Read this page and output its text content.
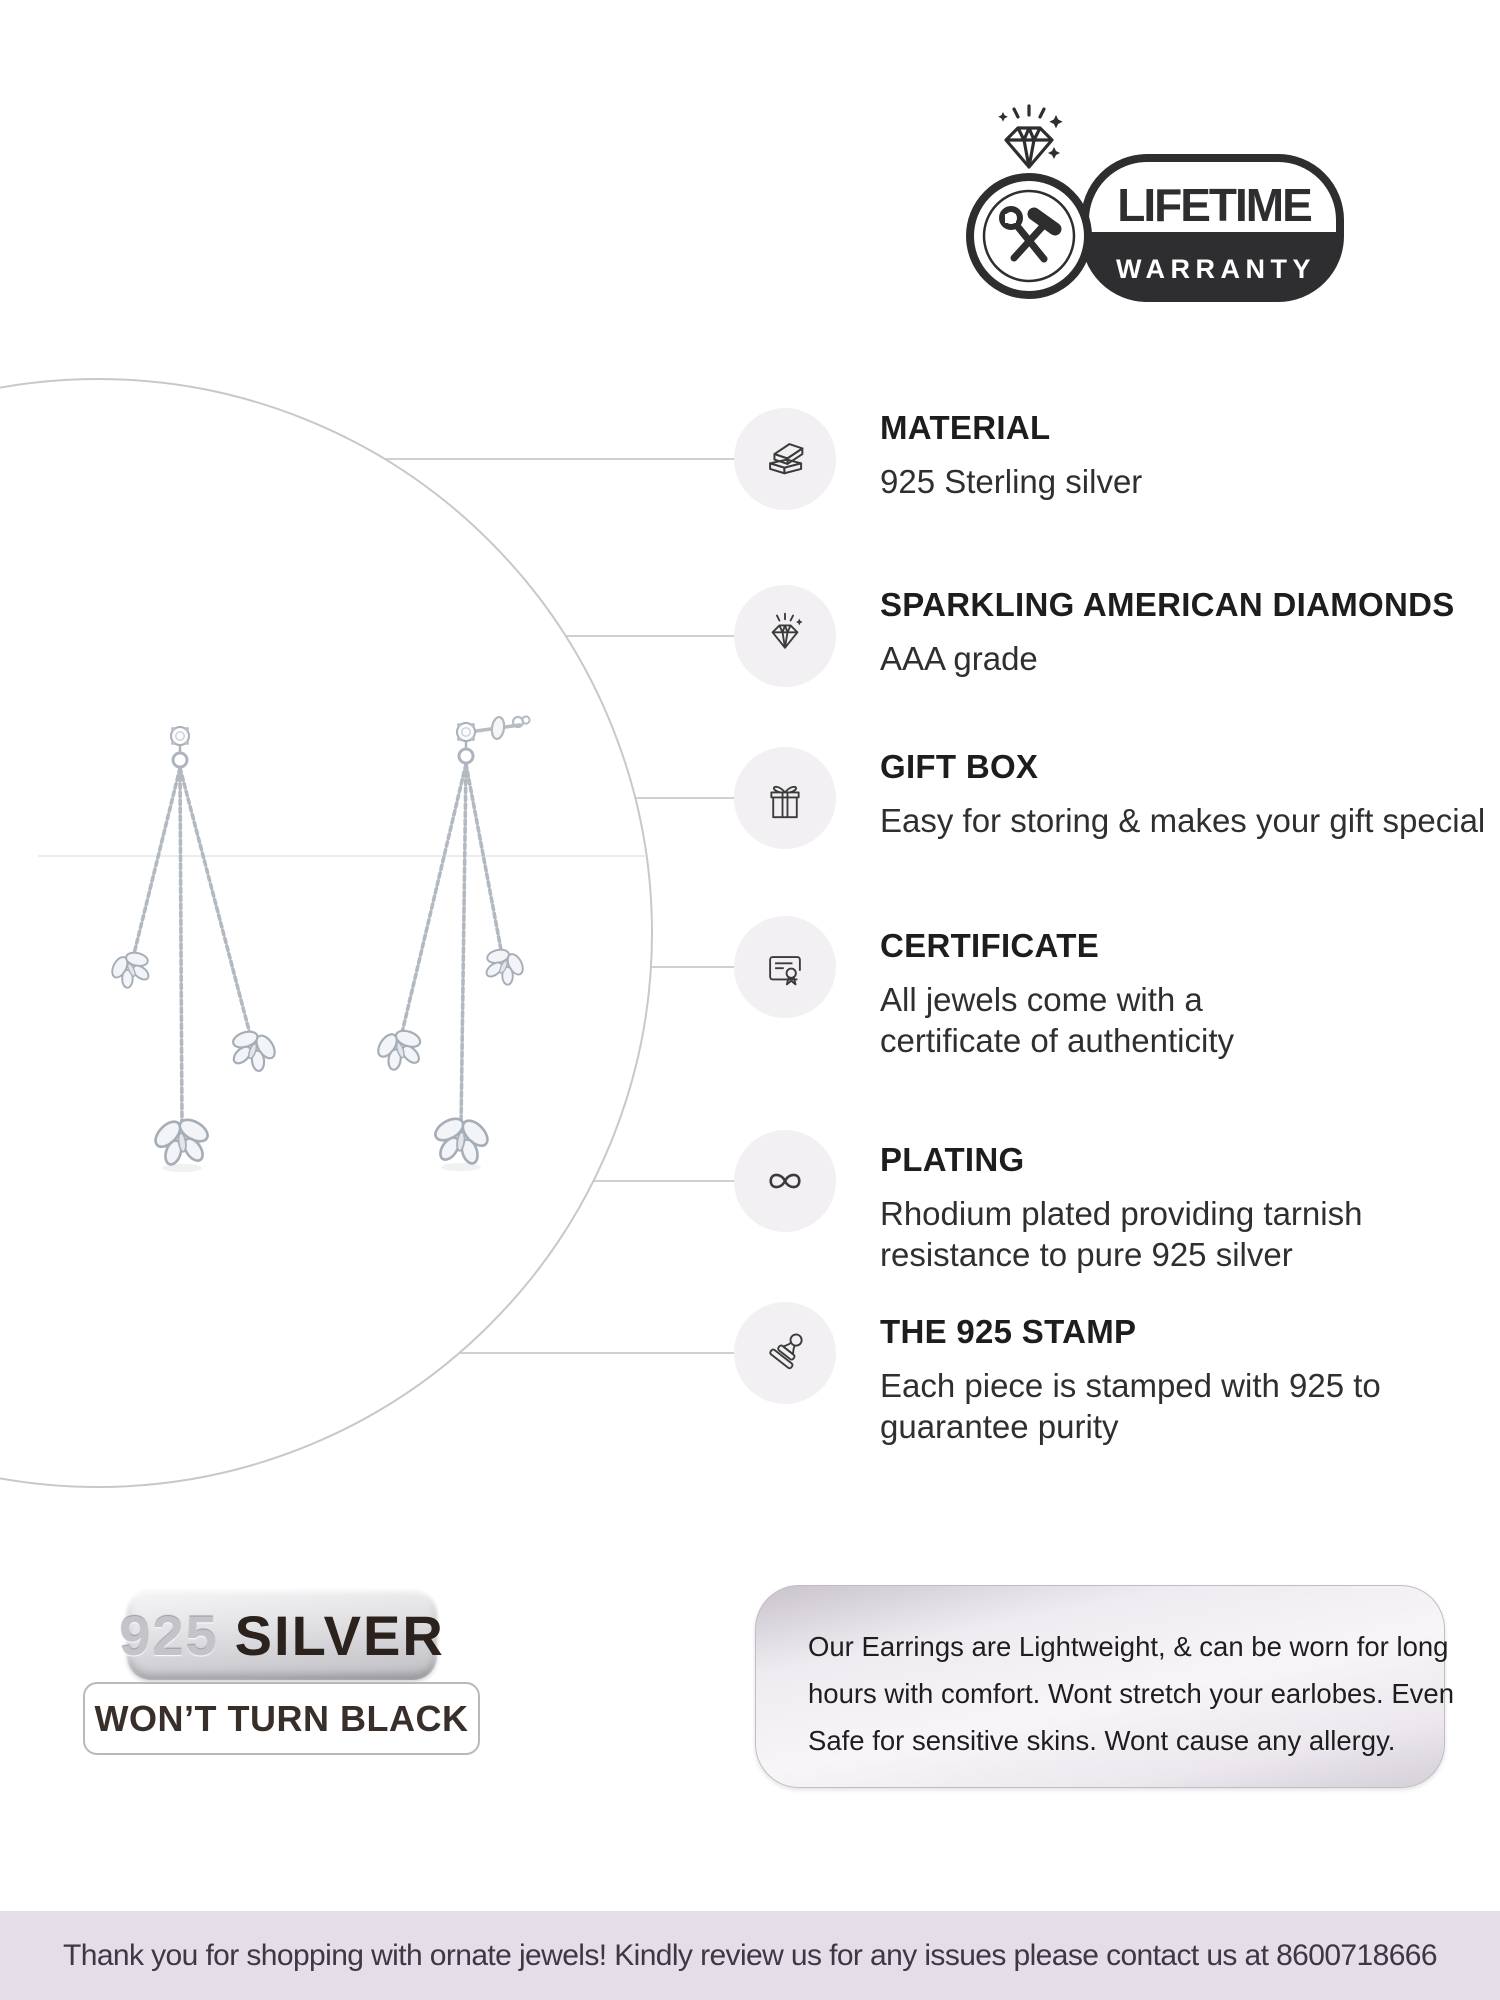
LIFETIME
WARRANTY
MATERIAL
925 Sterling silver
SPARKLING AMERICAN DIAMONDS
AAA grade
GIFT BOX
Easy for storing & makes your gift special
CERTIFICATE
All jewels come with a
certificate of authenticity
PLATING
Rhodium plated providing tarnish
resistance to pure 925 silver
THE 925 STAMP
Each piece is stamped with 925 to
guarantee purity
925 SILVER
WON’T TURN BLACK
Our Earrings are Lightweight, & can be worn for long
hours with comfort. Wont stretch your earlobes. Even
Safe for sensitive skins. Wont cause any allergy.
Thank you for shopping with ornate jewels! Kindly review us for any issues please contact us at 8600718666
